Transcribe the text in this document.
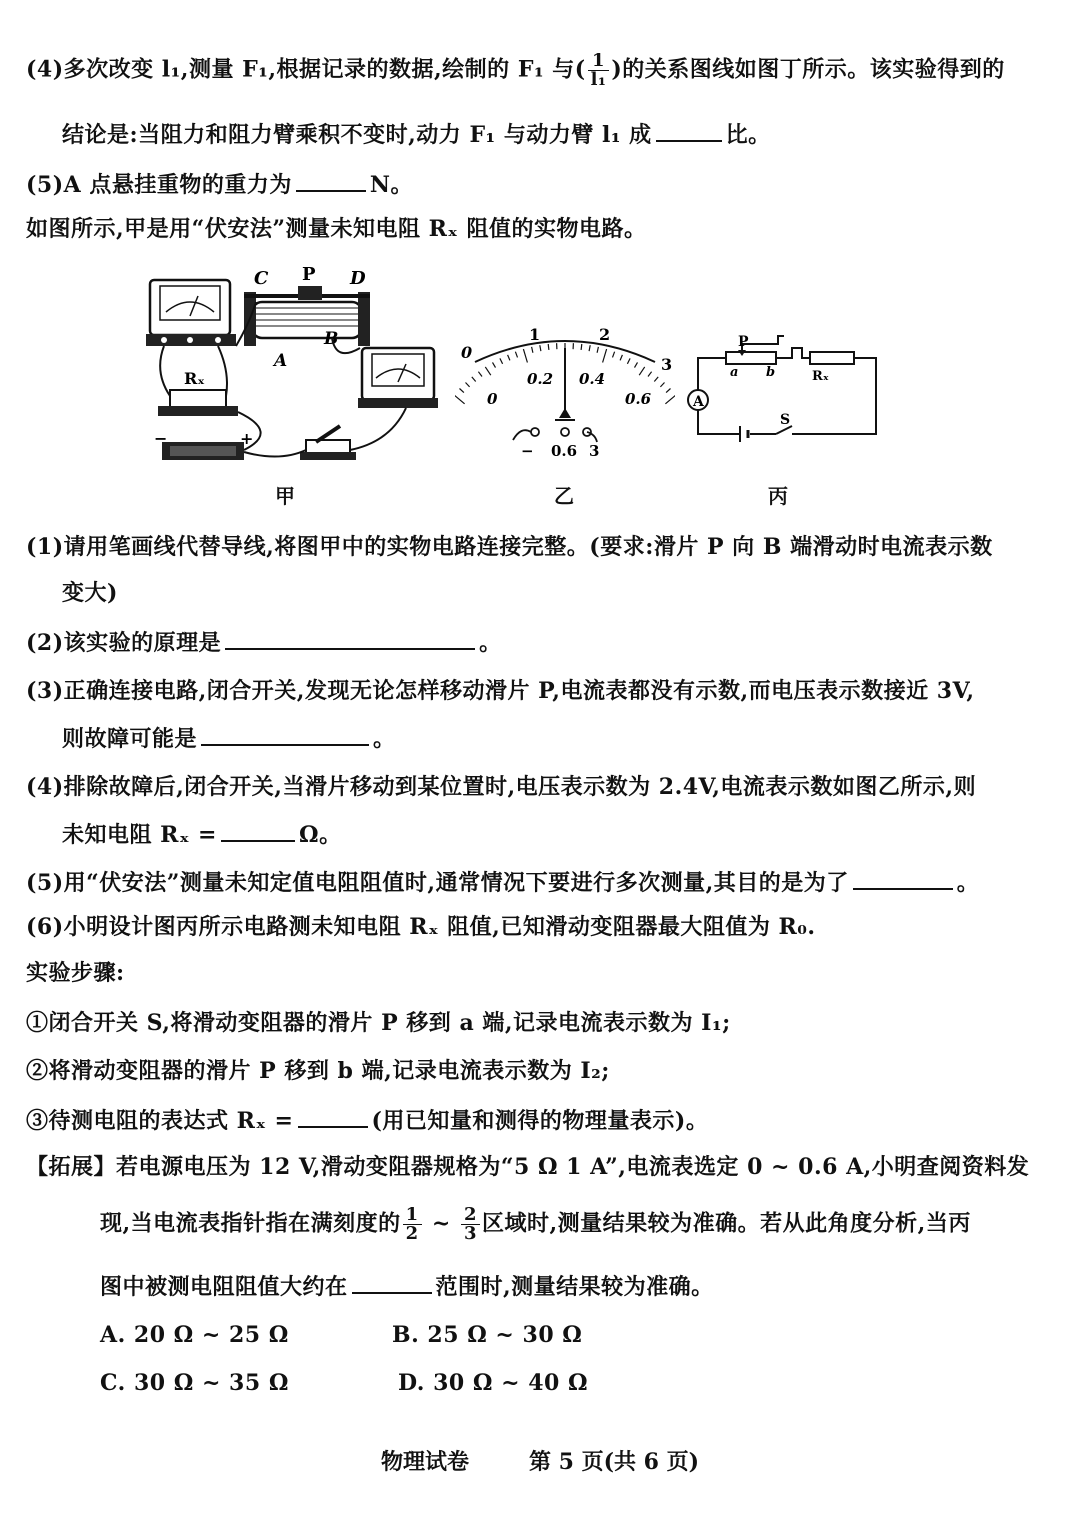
(4)多次改变 l₁,测量 F₁,根据记录的数据,绘制的 F₁ 与( $\frac{1}{\text{l₁}}$ )的关系图线如图丁所示。该实验得到的
结论是:当阻力和阻力臂乘积不变时,动力 F₁ 与动力臂 l₁ 成	比。
(5)A 点悬挂重物的重力为	N。
如图所示,甲是用“伏安法”测量未知电阻 Rₓ 阻值的实物电路。
C P D
A
B
Rₓ
−	+
甲
0
1	2
3
0
0.2 0.4
0.6
− 0.6 3
乙
A
P
a b	Rₓ
S
丙
(1)请用笔画线代替导线,将图甲中的实物电路连接完整。(要求:滑片 P 向 B 端滑动时电流表示数
变大)
(2)该实验的原理是	。
(3)正确连接电路,闭合开关,发现无论怎样移动滑片 P,电流表都没有示数,而电压表示数接近 3V,
则故障可能是	。
(4)排除故障后,闭合开关,当滑片移动到某位置时,电压表示数为 2.4V,电流表示数如图乙所示,则
未知电阻 Rₓ =	Ω。
(5)用“伏安法”测量未知定值电阻阻值时,通常情况下要进行多次测量,其目的是为了	。
(6)小明设计图丙所示电路测未知电阻 Rₓ 阻值,已知滑动变阻器最大阻值为 R₀.
实验步骤:
①闭合开关 S,将滑动变阻器的滑片 P 移到 a 端,记录电流表示数为 I₁;
②将滑动变阻器的滑片 P 移到 b 端,记录电流表示数为 I₂;
③待测电阻的表达式 Rₓ =	(用已知量和测得的物理量表示)。
【拓展】若电源电压为 12 V,滑动变阻器规格为“5 Ω 1 A”,电流表选定 0 ~ 0.6 A,小明查阅资料发
现,当电流表指针指在满刻度的 $\frac{1}{2}$ ~ $\frac{2}{3}$ 区域时,测量结果较为准确。若从此角度分析,当丙
图中被测电阻阻值大约在	范围时,测量结果较为准确。
A. 20 Ω ~ 25 Ω	B. 25 Ω ~ 30 Ω
C. 30 Ω ~ 35 Ω	D. 30 Ω ~ 40 Ω
物理试卷	第 5 页(共 6 页)
